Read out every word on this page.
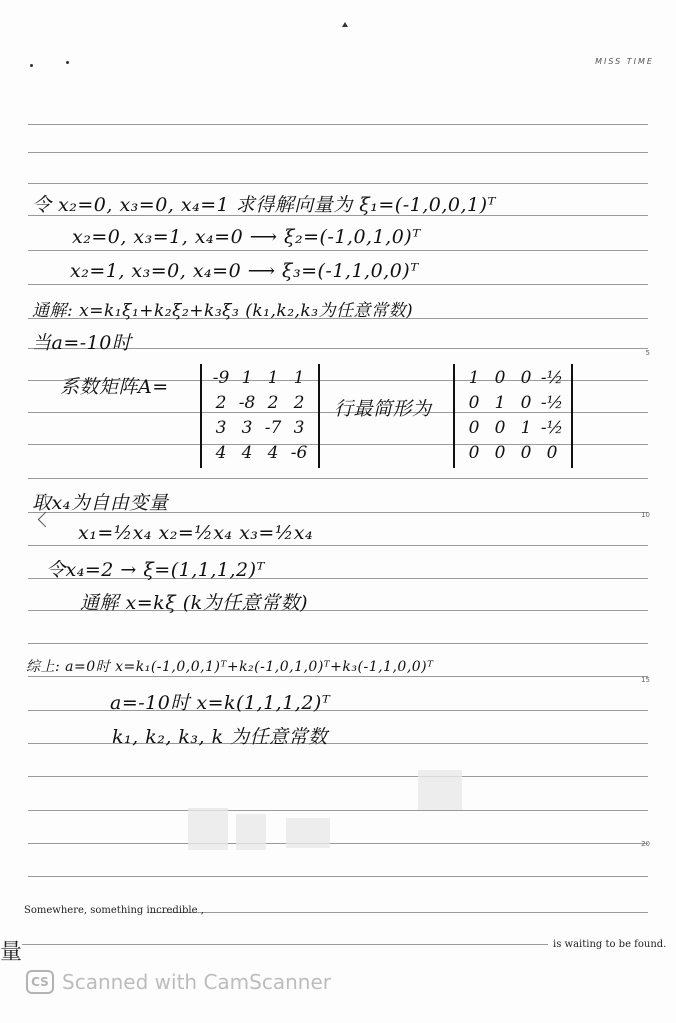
MISS TIME
5
10
15
20
Somewhere, something incredible ,
is waiting to be found.
量
令 x₂=0, x₃=0, x₄=1 求得解向量为 ξ₁=(-1,0,0,1)ᵀ
x₂=0, x₃=1, x₄=0 ⟶ ξ₂=(-1,0,1,0)ᵀ
x₂=1, x₃=0, x₄=0 ⟶ ξ₃=(-1,1,0,0)ᵀ
通解: x=k₁ξ₁+k₂ξ₂+k₃ξ₃ (k₁,k₂,k₃为任意常数)
当a=-10时
系数矩阵A=	-9 1 1 1
2 -8 2 2
3 3 -7 3
4 4 4 -6
行最简形为
1 0 0 -½
0 1 0 -½
0 0 1 -½
0 0 0 0
取x₄为自由变量
x₁=½x₄ x₂=½x₄ x₃=½x₄
令x₄=2 → ξ=(1,1,1,2)ᵀ
通解 x=kξ (k为任意常数)
综上: a=0时 x=k₁(-1,0,0,1)ᵀ+k₂(-1,0,1,0)ᵀ+k₃(-1,1,0,0)ᵀ
a=-10时 x=k(1,1,1,2)ᵀ
k₁, k₂, k₃, k 为任意常数
CS Scanned with CamScanner
